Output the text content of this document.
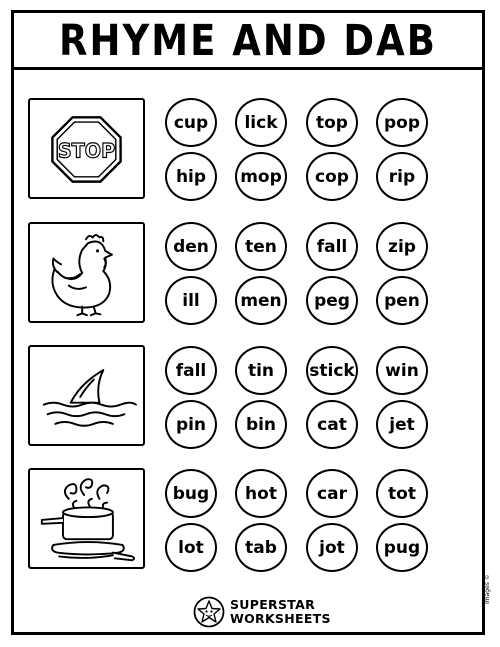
RHYME AND DAB
STOP
cup	lick	top	pop
hip	mop	cop	rip
den	ten	fall	zip
ill	men	peg	pen
fall	tin	stick	win
pin	bin	cat	jet
bug	hot	car	tot
lot	tab	jot	pug
SUPERSTAR
WORKSHEETS
Images ©
